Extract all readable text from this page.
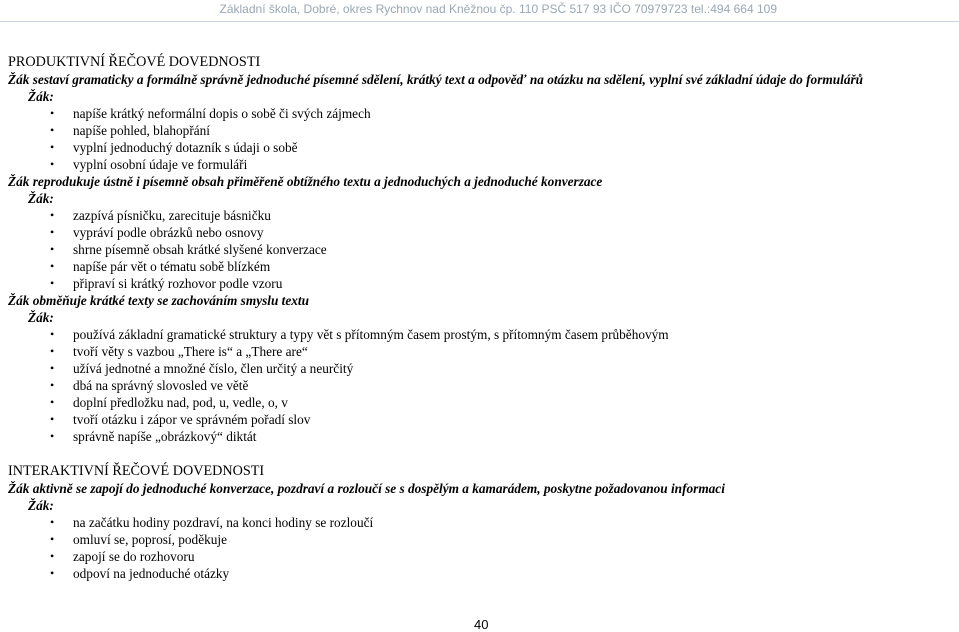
Základní škola, Dobré, okres Rychnov nad Kněžnou čp. 110 PSČ 517 93 IČO 70979723 tel.:494 664 109
PRODUKTIVNÍ ŘEČOVÉ DOVEDNOSTI
Žák sestaví gramaticky a formálně správně jednoduché písemné sdělení, krátký text a odpověď na otázku na sdělení, vyplní své základní údaje do formulářů
Žák:
• napíše krátký neformální dopis o sobě či svých zájmech
• napíše pohled, blahopřání
• vyplní jednoduchý dotazník s údaji o sobě
• vyplní osobní údaje ve formuláři
Žák reprodukuje ústně i písemně obsah přiměřeně obtížného textu a jednoduchých a jednoduché konverzace
Žák:
• zazpívá písničku, zarecituje básničku
• vypráví podle obrázků nebo osnovy
• shrne písemně obsah krátké slyšené konverzace
• napíše pár vět o tématu sobě blízkém
• připraví si krátký rozhovor podle vzoru
Žák obměňuje krátké texty se zachováním smyslu textu
Žák:
• používá základní gramatické struktury a typy vět s přítomným časem prostým, s přítomným časem průběhovým
• tvoří věty s vazbou „There is“ a „There are“
• užívá jednotné a množné číslo, člen určitý a neurčitý
• dbá na správný slovosled ve větě
• doplní předložku nad, pod, u, vedle, o, v
• tvoří otázku i zápor ve správném pořadí slov
• správně napíše „obrázkový“ diktát
INTERAKTIVNÍ ŘEČOVÉ DOVEDNOSTI
Žák aktivně se zapojí do jednoduché konverzace, pozdraví a rozloučí se s dospělým a kamarádem, poskytne požadovanou informaci
Žák:
• na začátku hodiny pozdraví, na konci hodiny se rozloučí
• omluví se, poprosí, poděkuje
• zapojí se do rozhovoru
• odpoví na jednoduché otázky
40
